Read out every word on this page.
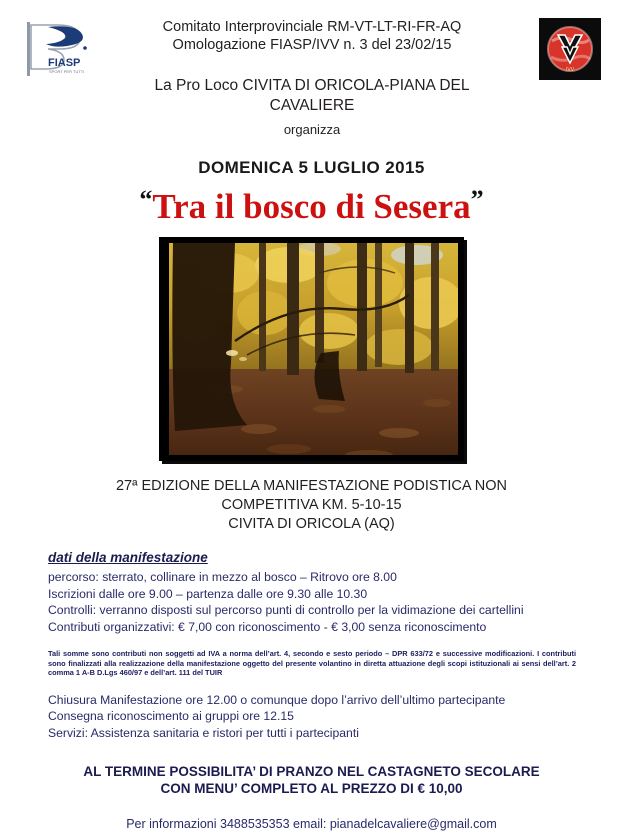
FIASP
SPORT PER TUTTI
Comitato Interprovinciale RM-VT-LT-RI-FR-AQ
Omologazione FIASP/IVV n. 3 del 23/02/15
IVV
La Pro Loco CIVITA DI ORICOLA-PIANA DEL
CAVALIERE
organizza
DOMENICA 5 LUGLIO 2015
“Tra il bosco di Sesera”
27ª EDIZIONE DELLA MANIFESTAZIONE PODISTICA NON
COMPETITIVA KM. 5-10-15
CIVITA DI ORICOLA (AQ)
dati della manifestazione

percorso: sterrato, collinare in mezzo al bosco – Ritrovo ore 8.00

Iscrizioni dalle ore 9.00 – partenza dalle ore 9.30 alle 10.30

Controlli: verranno disposti sul percorso punti di controllo per la vidimazione dei cartellini

Contributi organizzativi: € 7,00 con riconoscimento - € 3,00 senza riconoscimento

Tali somme sono contributi non soggetti ad IVA a norma dell’art. 4, secondo e sesto periodo – DPR 633/72 e successive modificazioni. I contributi sono finalizzati alla realizzazione della manifestazione oggetto del presente volantino in diretta attuazione degli scopi istituzionali ai sensi dell’art. 2 comma 1 A-B D.Lgs 460/97 e dell’art. 111 del TUIR

Chiusura Manifestazione ore 12.00 o comunque dopo l’arrivo dell’ultimo partecipante

Consegna riconoscimento ai gruppi ore 12.15

Servizi: Assistenza sanitaria e ristori per tutti i partecipanti

AL TERMINE POSSIBILITA’ DI PRANZO NEL CASTAGNETO SECOLARE
CON MENU’ COMPLETO AL PREZZO DI € 10,00
Per informazioni 3488535353 email: pianadelcavaliere@gmail.com
